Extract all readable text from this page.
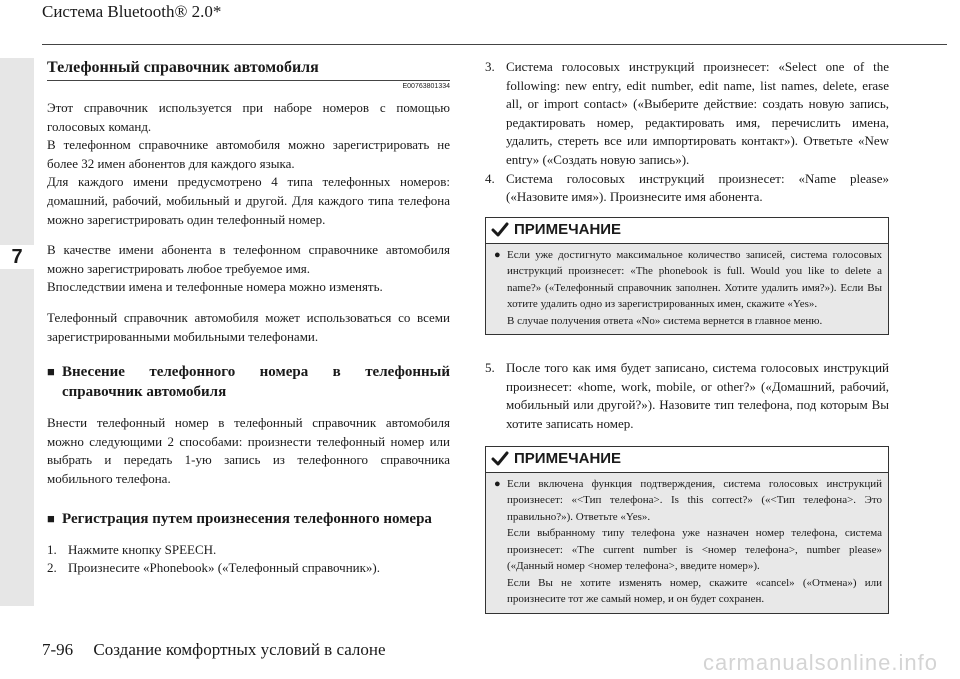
Система Bluetooth® 2.0*
7
Телефонный справочник автомобиля
E00763801334
Этот справочник используется при наборе номеров с помощью голосовых команд.
В телефонном справочнике автомобиля можно зарегистрировать не более 32 имен абонентов для каждого языка.
Для каждого имени предусмотрено 4 типа телефонных номеров: домашний, рабочий, мобильный и другой. Для каждого типа телефона можно зарегистрировать один телефонный номер.
В качестве имени абонента в телефонном справочнике автомобиля можно зарегистрировать любое требуемое имя.
Впоследствии имена и телефонные номера можно изменять.
Телефонный справочник автомобиля может использоваться со всеми зарегистрированными мобильными телефонами.
■ Внесение телефонного номера в телефонный справочник автомобиля
Внести телефонный номер в телефонный справочник автомобиля можно следующими 2 способами: произнести телефонный номер или выбрать и передать 1-ую запись из телефонного справочника мобильного телефона.
■ Регистрация путем произнесения телефонного номера
1. Нажмите кнопку SPEECH.
2. Произнесите «Phonebook» («Телефонный справочник»).
3. Система голосовых инструкций произнесет: «Select one of the following: new entry, edit number, edit name, list names, delete, erase all, or import contact» («Выберите действие: создать новую запись, редактировать номер, редактировать имя, перечислить имена, удалить, стереть все или импортировать контакт»). Ответьте «New entry» («Создать новую запись»).
4. Система голосовых инструкций произнесет: «Name please» («Назовите имя»). Произнесите имя абонента.
ПРИМЕЧАНИЕ
● Если уже достигнуто максимальное количество записей, система голосовых инструкций произнесет: «The phonebook is full. Would you like to delete a name?» («Телефонный справочник заполнен. Хотите удалить имя?»). Если Вы хотите удалить одно из зарегистрированных имен, скажите «Yes».
В случае получения ответа «No» система вернется в главное меню.
5. После того как имя будет записано, система голосовых инструкций произнесет: «home, work, mobile, or other?» («Домашний, рабочий, мобильный или другой?»). Назовите тип телефона, под которым Вы хотите записать номер.
ПРИМЕЧАНИЕ
● Если включена функция подтверждения, система голосовых инструкций произнесет: «<Тип телефона>. Is this correct?» («<Тип телефона>. Это правильно?»). Ответьте «Yes».
Если выбранному типу телефона уже назначен номер телефона, система произнесет: «The current number is <номер телефона>, number please» («Данный номер <номер телефона>, введите номер»).
Если Вы не хотите изменять номер, скажите «cancel» («Отмена») или произнесите тот же самый номер, и он будет сохранен.
7-96 Создание комфортных условий в салоне
carmanualsonline.info
